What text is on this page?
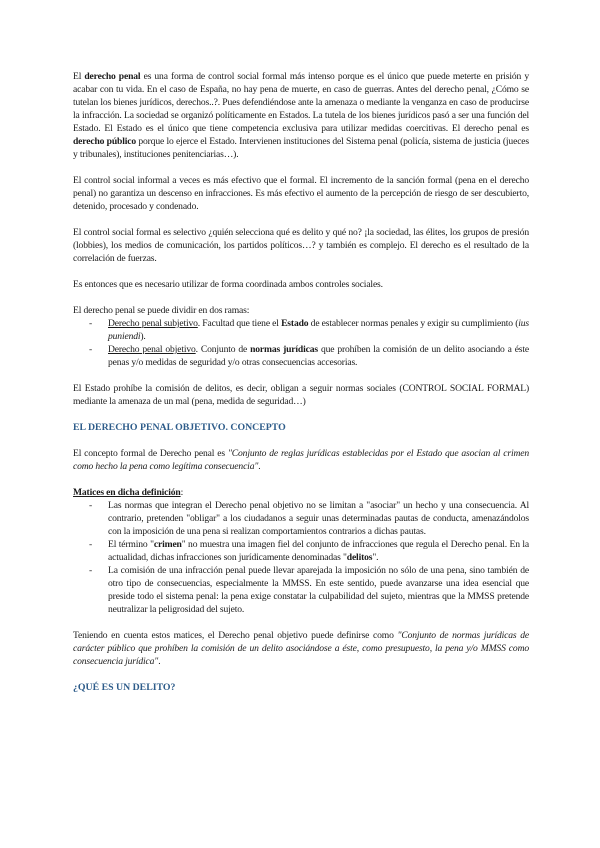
El derecho penal es una forma de control social formal más intenso porque es el único que puede meterte en prisión y acabar con tu vida. En el caso de España, no hay pena de muerte, en caso de guerras. Antes del derecho penal, ¿Cómo se tutelan los bienes jurídicos, derechos..?. Pues defendiéndose ante la amenaza o mediante la venganza en caso de producirse la infracción. La sociedad se organizó políticamente en Estados. La tutela de los bienes jurídicos pasó a ser una función del Estado. El Estado es el único que tiene competencia exclusiva para utilizar medidas coercitivas. El derecho penal es derecho público porque lo ejerce el Estado. Intervienen instituciones del Sistema penal (policía, sistema de justicia (jueces y tribunales), instituciones penitenciarias…).

El control social informal a veces es más efectivo que el formal. El incremento de la sanción formal (pena en el derecho penal) no garantiza un descenso en infracciones. Es más efectivo el aumento de la percepción de riesgo de ser descubierto, detenido, procesado y condenado.

El control social formal es selectivo ¿quién selecciona qué es delito y qué no? ¡la sociedad, las élites, los grupos de presión (lobbies), los medios de comunicación, los partidos políticos…? y también es complejo. El derecho es el resultado de la correlación de fuerzas.

Es entonces que es necesario utilizar de forma coordinada ambos controles sociales.

El derecho penal se puede dividir en dos ramas:

- Derecho penal subjetivo. Facultad que tiene el Estado de establecer normas penales y exigir su cumplimiento (ius puniendi).
- Derecho penal objetivo. Conjunto de normas jurídicas que prohíben la comisión de un delito asociando a éste penas y/o medidas de seguridad y/o otras consecuencias accesorias.

El Estado prohíbe la comisión de delitos, es decir, obligan a seguir normas sociales (CONTROL SOCIAL FORMAL) mediante la amenaza de un mal (pena, medida de seguridad…)

EL DERECHO PENAL OBJETIVO. CONCEPTO

El concepto formal de Derecho penal es "Conjunto de reglas jurídicas establecidas por el Estado que asocian al crimen como hecho la pena como legítima consecuencia".

Matices en dicha definición:

- Las normas que integran el Derecho penal objetivo no se limitan a "asociar" un hecho y una consecuencia. Al contrario, pretenden "obligar" a los ciudadanos a seguir unas determinadas pautas de conducta, amenazándolos con la imposición de una pena si realizan comportamientos contrarios a dichas pautas.
- El término "crimen" no muestra una imagen fiel del conjunto de infracciones que regula el Derecho penal. En la actualidad, dichas infracciones son jurídicamente denominadas "delitos".
- La comisión de una infracción penal puede llevar aparejada la imposición no sólo de una pena, sino también de otro tipo de consecuencias, especialmente la MMSS. En este sentido, puede avanzarse una idea esencial que preside todo el sistema penal: la pena exige constatar la culpabilidad del sujeto, mientras que la MMSS pretende neutralizar la peligrosidad del sujeto.

Teniendo en cuenta estos matices, el Derecho penal objetivo puede definirse como "Conjunto de normas jurídicas de carácter público que prohíben la comisión de un delito asociándose a éste, como presupuesto, la pena y/o MMSS como consecuencia jurídica".

¿QUÉ ES UN DELITO?
